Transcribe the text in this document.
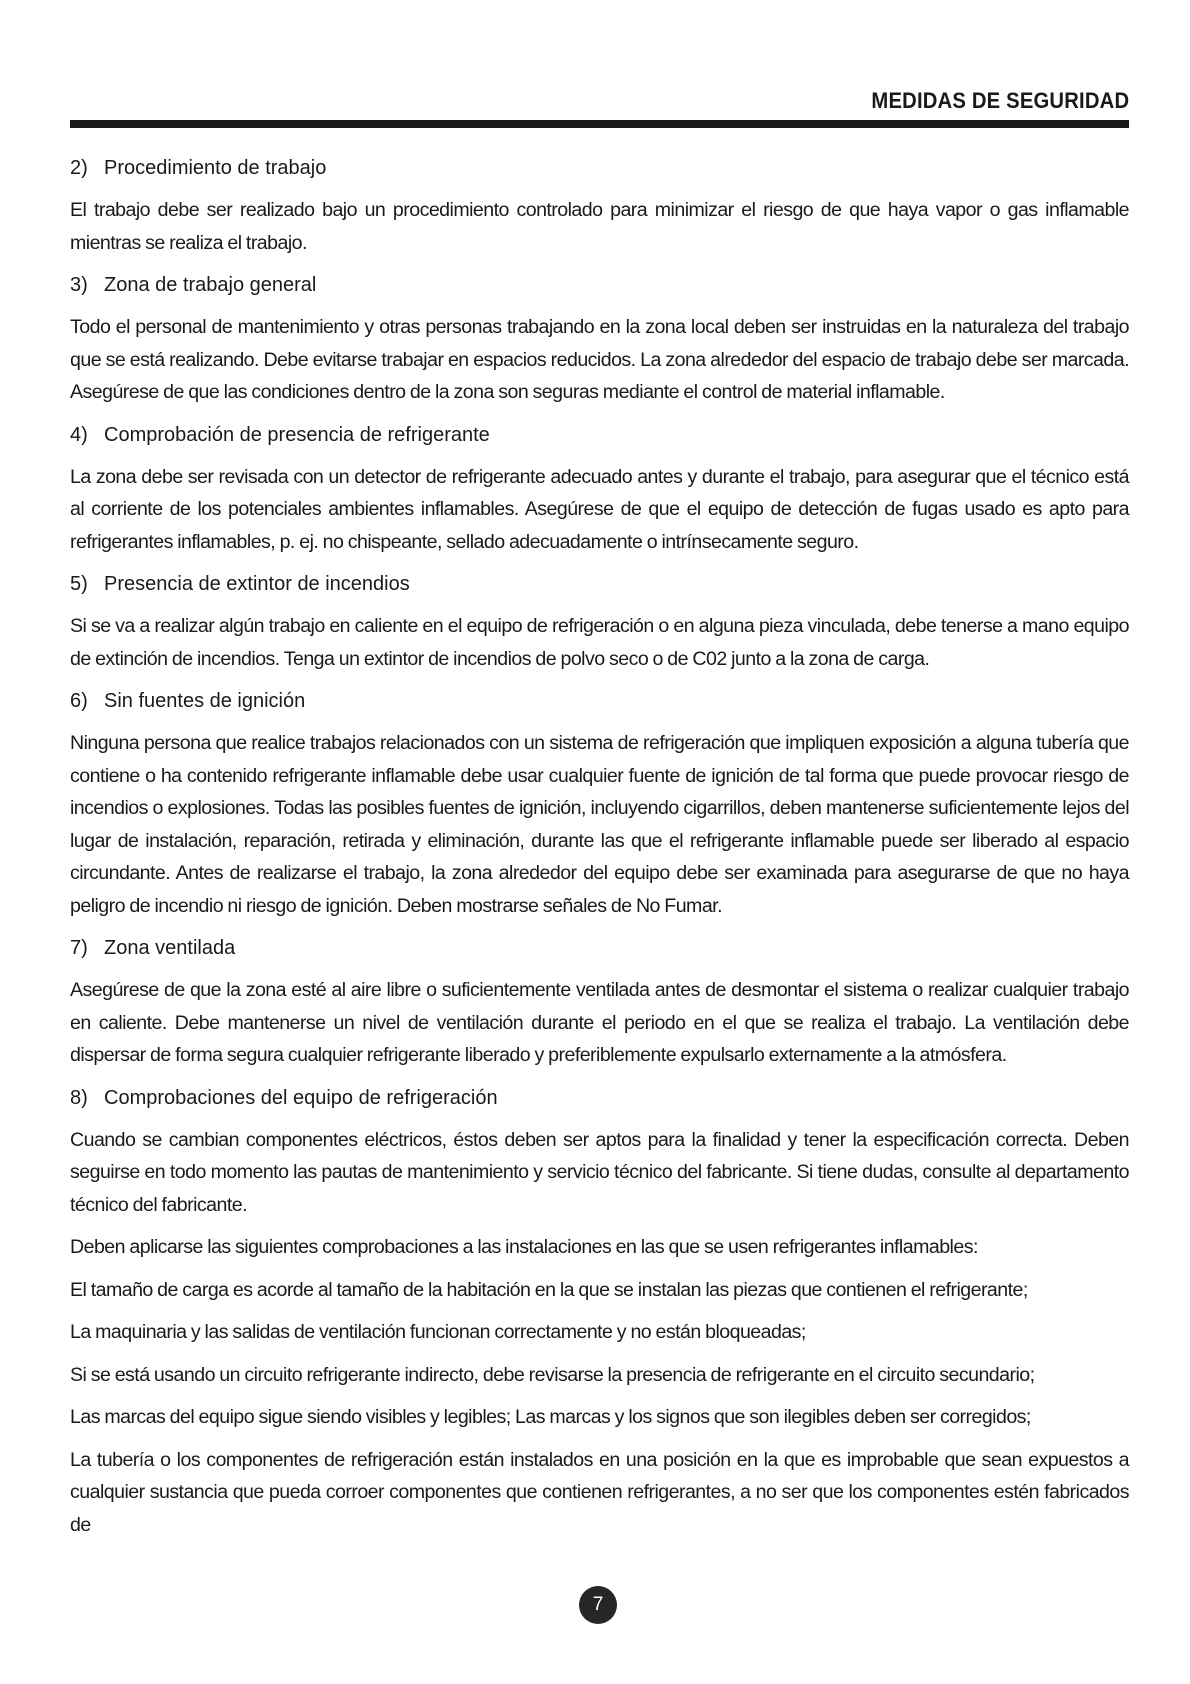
MEDIDAS DE SEGURIDAD
2) Procedimiento de trabajo

El trabajo debe ser realizado bajo un procedimiento controlado para minimizar el riesgo de que haya vapor o gas inflamable mientras se realiza el trabajo.

3) Zona de trabajo general

Todo el personal de mantenimiento y otras personas trabajando en la zona local deben ser instruidas en la naturaleza del trabajo que se está realizando. Debe evitarse trabajar en espacios reducidos. La zona alrededor del espacio de trabajo debe ser marcada. Asegúrese de que las condiciones dentro de la zona son seguras mediante el control de material inflamable.

4) Comprobación de presencia de refrigerante

La zona debe ser revisada con un detector de refrigerante adecuado antes y durante el trabajo, para asegurar que el técnico está al corriente de los potenciales ambientes inflamables. Asegúrese de que el equipo de detección de fugas usado es apto para refrigerantes inflamables, p. ej. no chispeante, sellado adecuadamente o intrínsecamente seguro.

5) Presencia de extintor de incendios

Si se va a realizar algún trabajo en caliente en el equipo de refrigeración o en alguna pieza vinculada, debe tenerse a mano equipo de extinción de incendios. Tenga un extintor de incendios de polvo seco o de C02 junto a la zona de carga.

6) Sin fuentes de ignición

Ninguna persona que realice trabajos relacionados con un sistema de refrigeración que impliquen exposición a alguna tubería que contiene o ha contenido refrigerante inflamable debe usar cualquier fuente de ignición de tal forma que puede provocar riesgo de incendios o explosiones. Todas las posibles fuentes de ignición, incluyendo cigarrillos, deben mantenerse suficientemente lejos del lugar de instalación, reparación, retirada y eliminación, durante las que el refrigerante inflamable puede ser liberado al espacio circundante. Antes de realizarse el trabajo, la zona alrededor del equipo debe ser examinada para asegurarse de que no haya peligro de incendio ni riesgo de ignición. Deben mostrarse señales de No Fumar.

7) Zona ventilada

Asegúrese de que la zona esté al aire libre o suficientemente ventilada antes de desmontar el sistema o realizar cualquier trabajo en caliente. Debe mantenerse un nivel de ventilación durante el periodo en el que se realiza el trabajo. La ventilación debe dispersar de forma segura cualquier refrigerante liberado y preferiblemente expulsarlo externamente a la atmósfera.

8) Comprobaciones del equipo de refrigeración

Cuando se cambian componentes eléctricos, éstos deben ser aptos para la finalidad y tener la especificación correcta. Deben seguirse en todo momento las pautas de mantenimiento y servicio técnico del fabricante. Si tiene dudas, consulte al departamento técnico del fabricante.

Deben aplicarse las siguientes comprobaciones a las instalaciones en las que se usen refrigerantes inflamables:

El tamaño de carga es acorde al tamaño de la habitación en la que se instalan las piezas que contienen el refrigerante;

La maquinaria y las salidas de ventilación funcionan correctamente y no están bloqueadas;

Si se está usando un circuito refrigerante indirecto, debe revisarse la presencia de refrigerante en el circuito secundario;

Las marcas del equipo sigue siendo visibles y legibles; Las marcas y los signos que son ilegibles deben ser corregidos;

La tubería o los componentes de refrigeración están instalados en una posición en la que es improbable que sean expuestos a cualquier sustancia que pueda corroer componentes que contienen refrigerantes, a no ser que los componentes estén fabricados de

7
